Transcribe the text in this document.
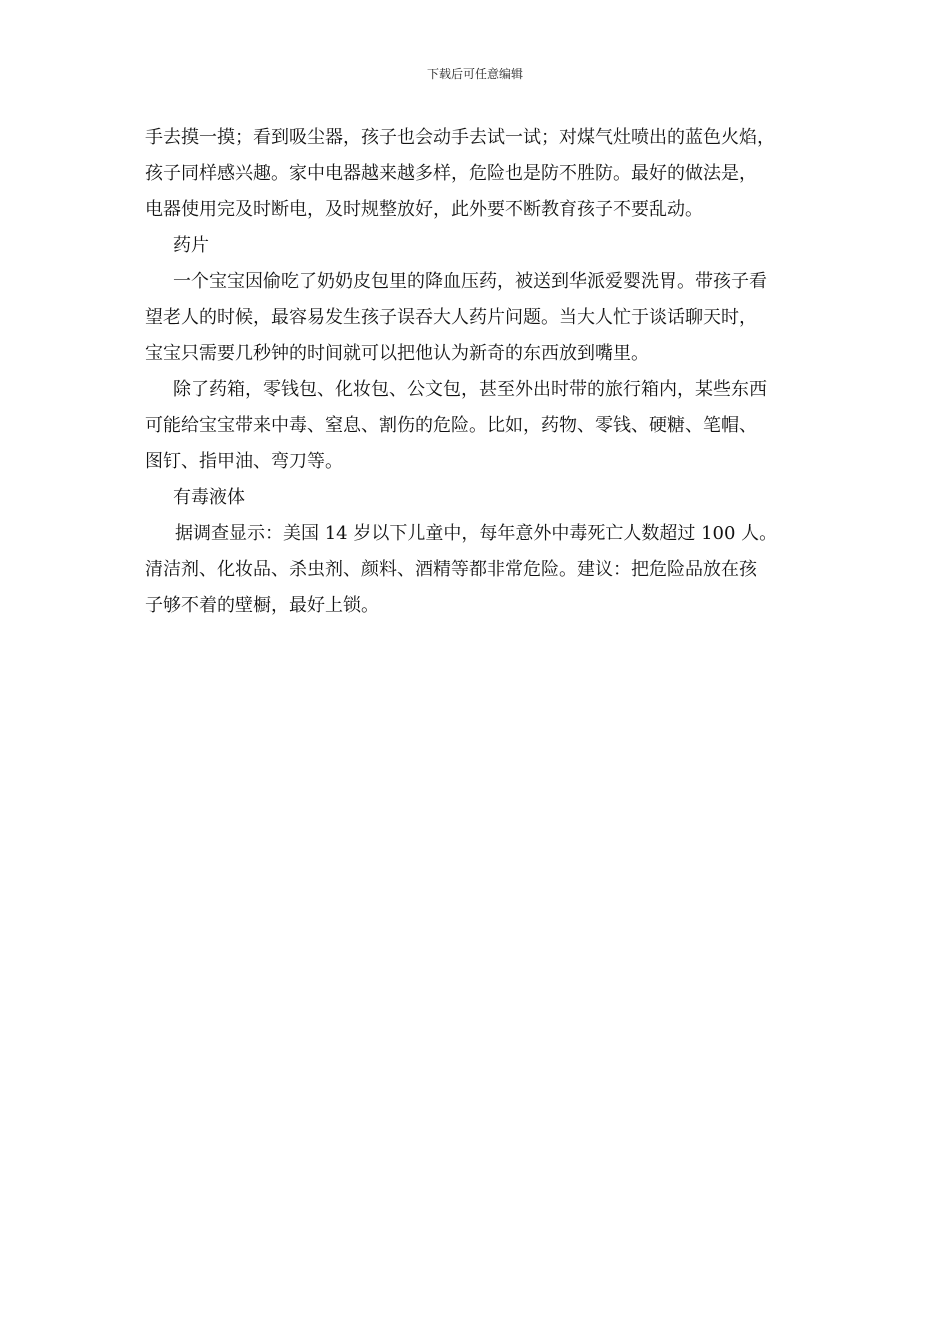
下载后可任意编辑
手去摸一摸；看到吸尘器，孩子也会动手去试一试；对煤气灶喷出的蓝色火焰，
孩子同样感兴趣。家中电器越来越多样，危险也是防不胜防。最好的做法是，
电器使用完及时断电，及时规整放好，此外要不断教育孩子不要乱动。
药片
一个宝宝因偷吃了奶奶皮包里的降血压药，被送到华派爱婴洗胃。带孩子看
望老人的时候，最容易发生孩子误吞大人药片问题。当大人忙于谈话聊天时，
宝宝只需要几秒钟的时间就可以把他认为新奇的东西放到嘴里。
除了药箱，零钱包、化妆包、公文包，甚至外出时带的旅行箱内，某些东西
可能给宝宝带来中毒、窒息、割伤的危险。比如，药物、零钱、硬糖、笔帽、
图钉、指甲油、弯刀等。
有毒液体
据调查显示：美国 14 岁以下儿童中，每年意外中毒死亡人数超过 100 人。
清洁剂、化妆品、杀虫剂、颜料、酒精等都非常危险。建议：把危险品放在孩
子够不着的壁橱，最好上锁。
